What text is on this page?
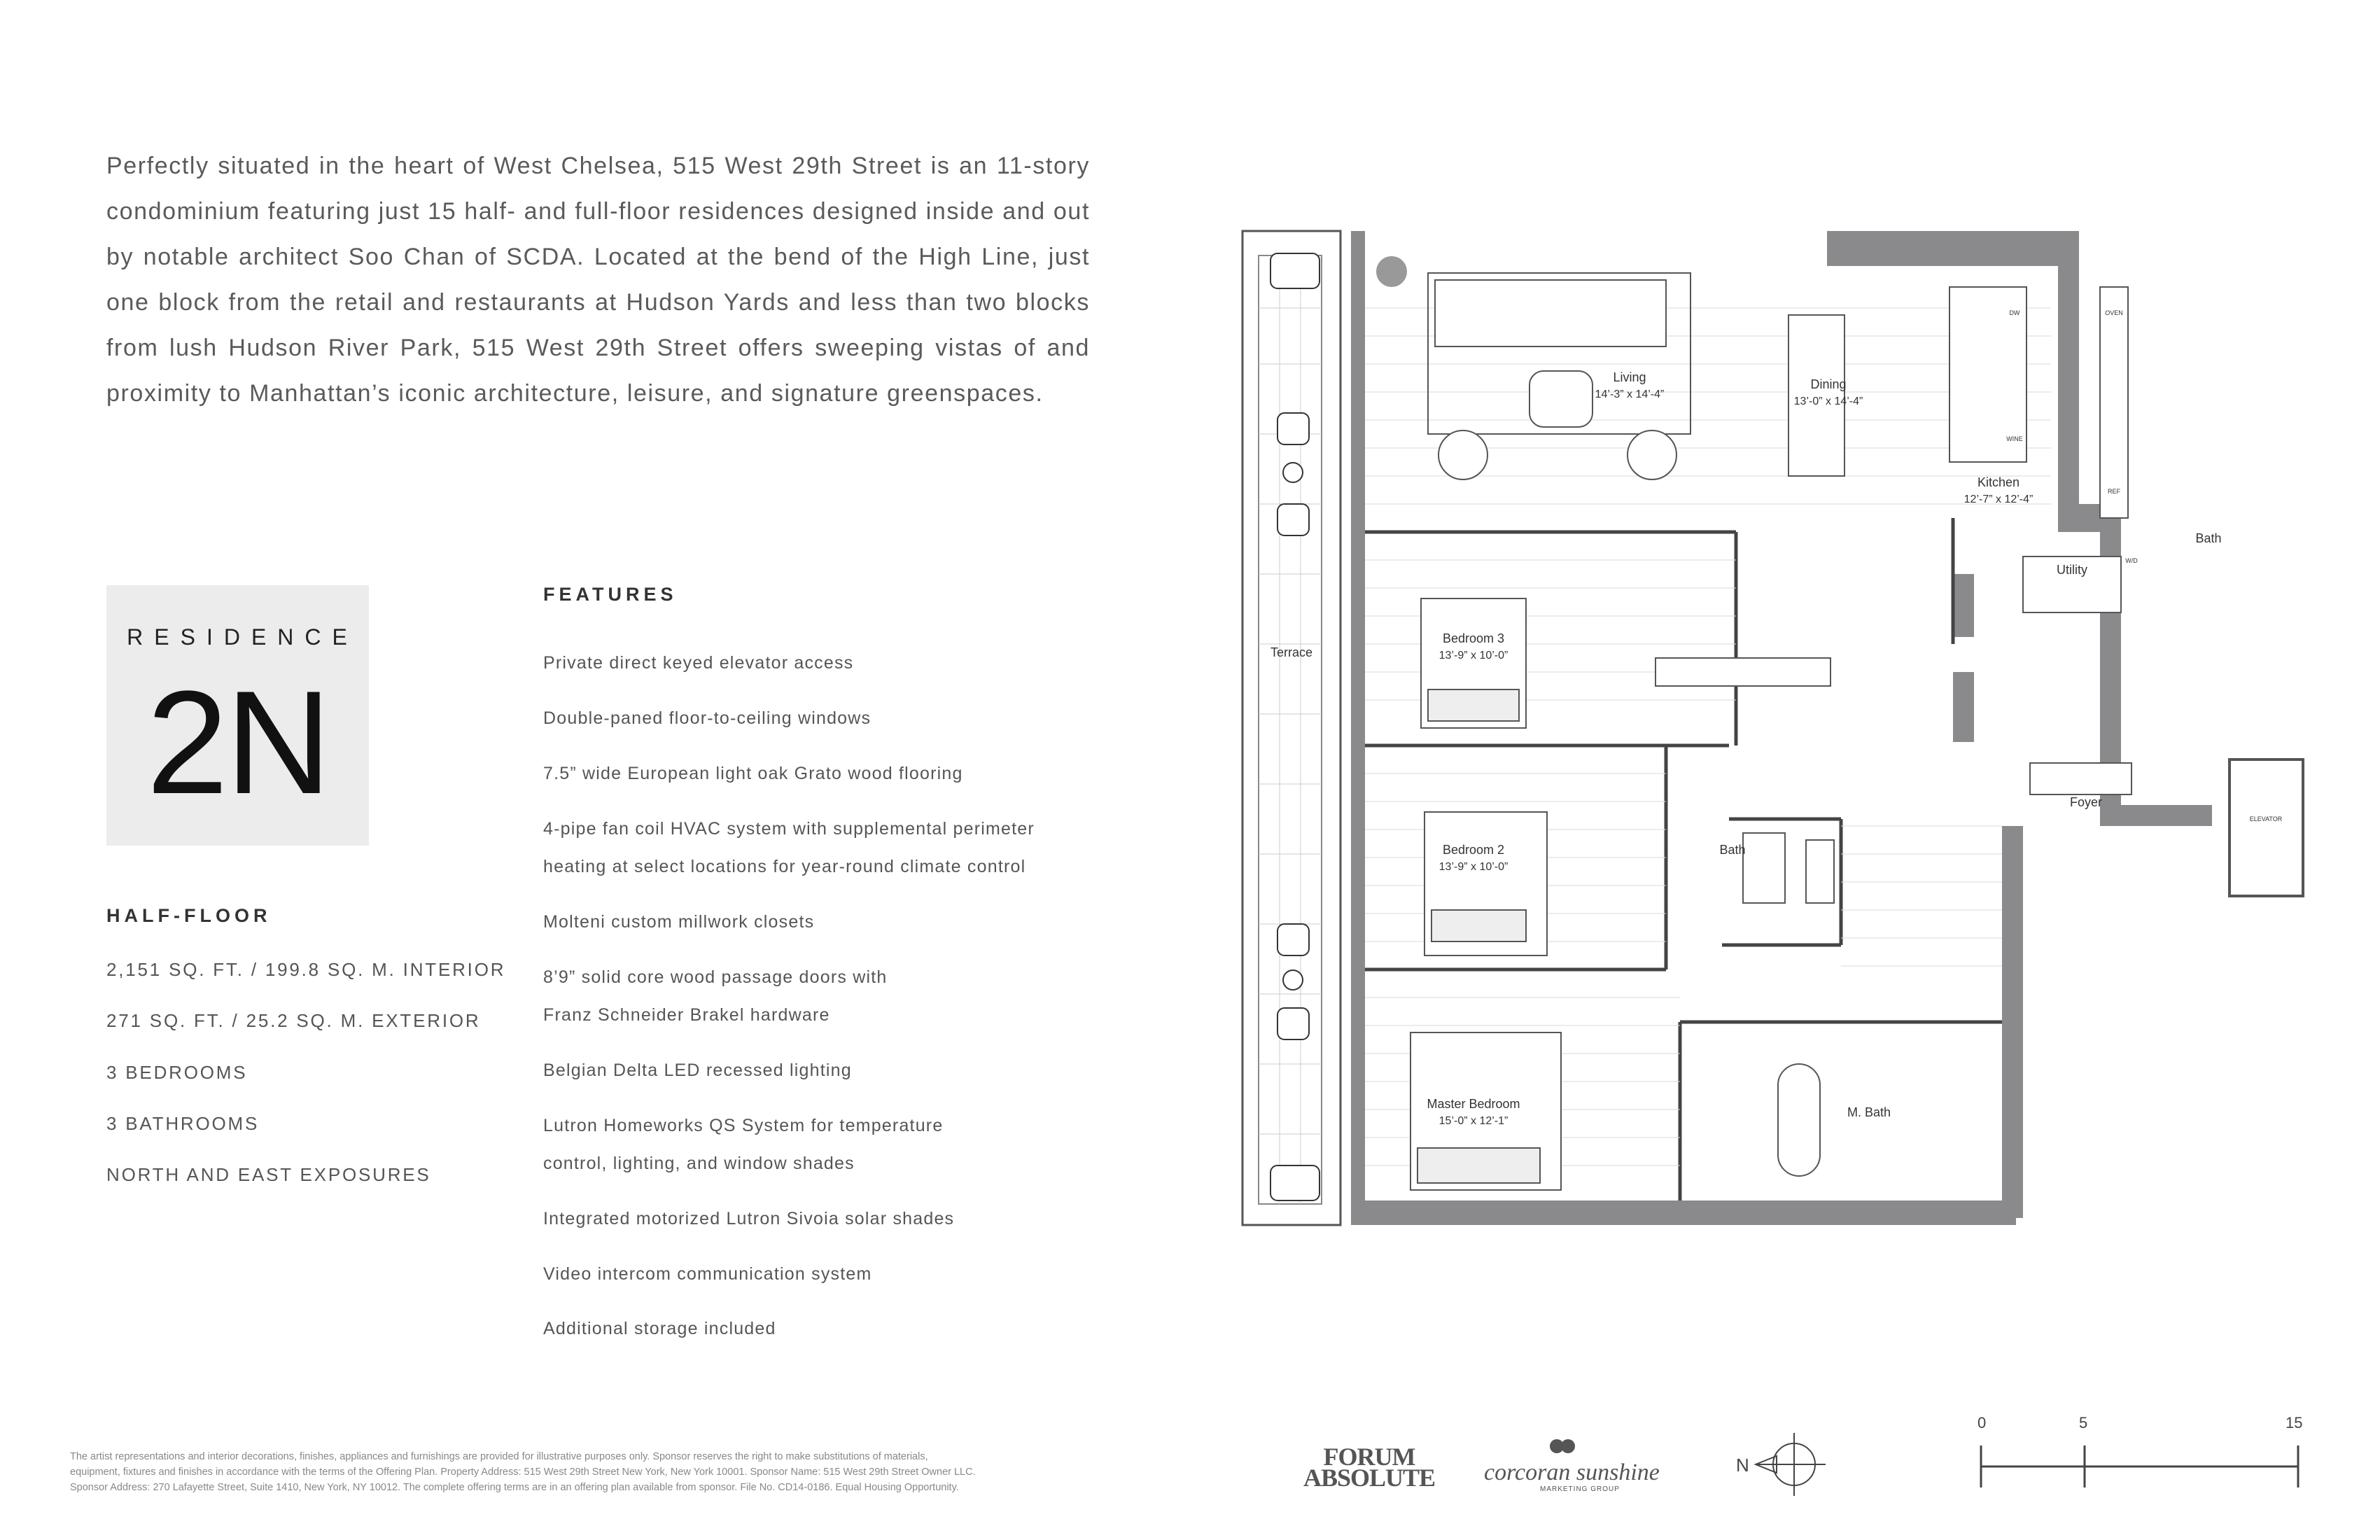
Perfectly situated in the heart of West Chelsea, 515 West 29th Street is an 11-story condominium featuring just 15 half- and full-floor residences designed inside and out by notable architect Soo Chan of SCDA. Located at the bend of the High Line, just one block from the retail and restaurants at Hudson Yards and less than two blocks from lush Hudson River Park, 515 West 29th Street offers sweeping vistas of and proximity to Manhattan’s iconic architecture, leisure, and signature greenspaces.
RESIDENCE
2N
HALF-FLOOR
2,151 SQ. FT. / 199.8 SQ. M. INTERIOR
271 SQ. FT. / 25.2 SQ. M. EXTERIOR
3 BEDROOMS
3 BATHROOMS
NORTH AND EAST EXPOSURES
FEATURES
Private direct keyed elevator access
Double-paned floor-to-ceiling windows
7.5” wide European light oak Grato wood flooring
4-pipe fan coil HVAC system with supplemental perimeter
heating at select locations for year-round climate control
Molteni custom millwork closets
8’9” solid core wood passage doors with
Franz Schneider Brakel hardware
Belgian Delta LED recessed lighting
Lutron Homeworks QS System for temperature
control, lighting, and window shades
Integrated motorized Lutron Sivoia solar shades
Video intercom communication system
Additional storage included
Living
14’-3” x 14’-4”
Dining
13’-0” x 14’-4”
Kitchen
12’-7” x 12’-4”
Bedroom 3
13’-9” x 10’-0”
Bedroom 2
13’-9” x 10’-0”
Master Bedroom
15’-0” x 12’-1”
Terrace
Utility
Bath
Bath
M. Bath
Foyer
ELEVATOR
DW	OVEN
WINE
REF
W/D
The artist representations and interior decorations, finishes, appliances and furnishings are provided for illustrative purposes only. Sponsor reserves the right to make substitutions of materials,
equipment, fixtures and finishes in accordance with the terms of the Offering Plan. Property Address: 515 West 29th Street New York, New York 10001. Sponsor Name: 515 West 29th Street Owner LLC.
Sponsor Address: 270 Lafayette Street, Suite 1410, New York, NY 10012. The complete offering terms are in an offering plan available from sponsor. File No. CD14-0186. Equal Housing Opportunity.
FORUM
ABSOLUTE corcoran sunshine
MARKETING GROUP
N
0	5	15
